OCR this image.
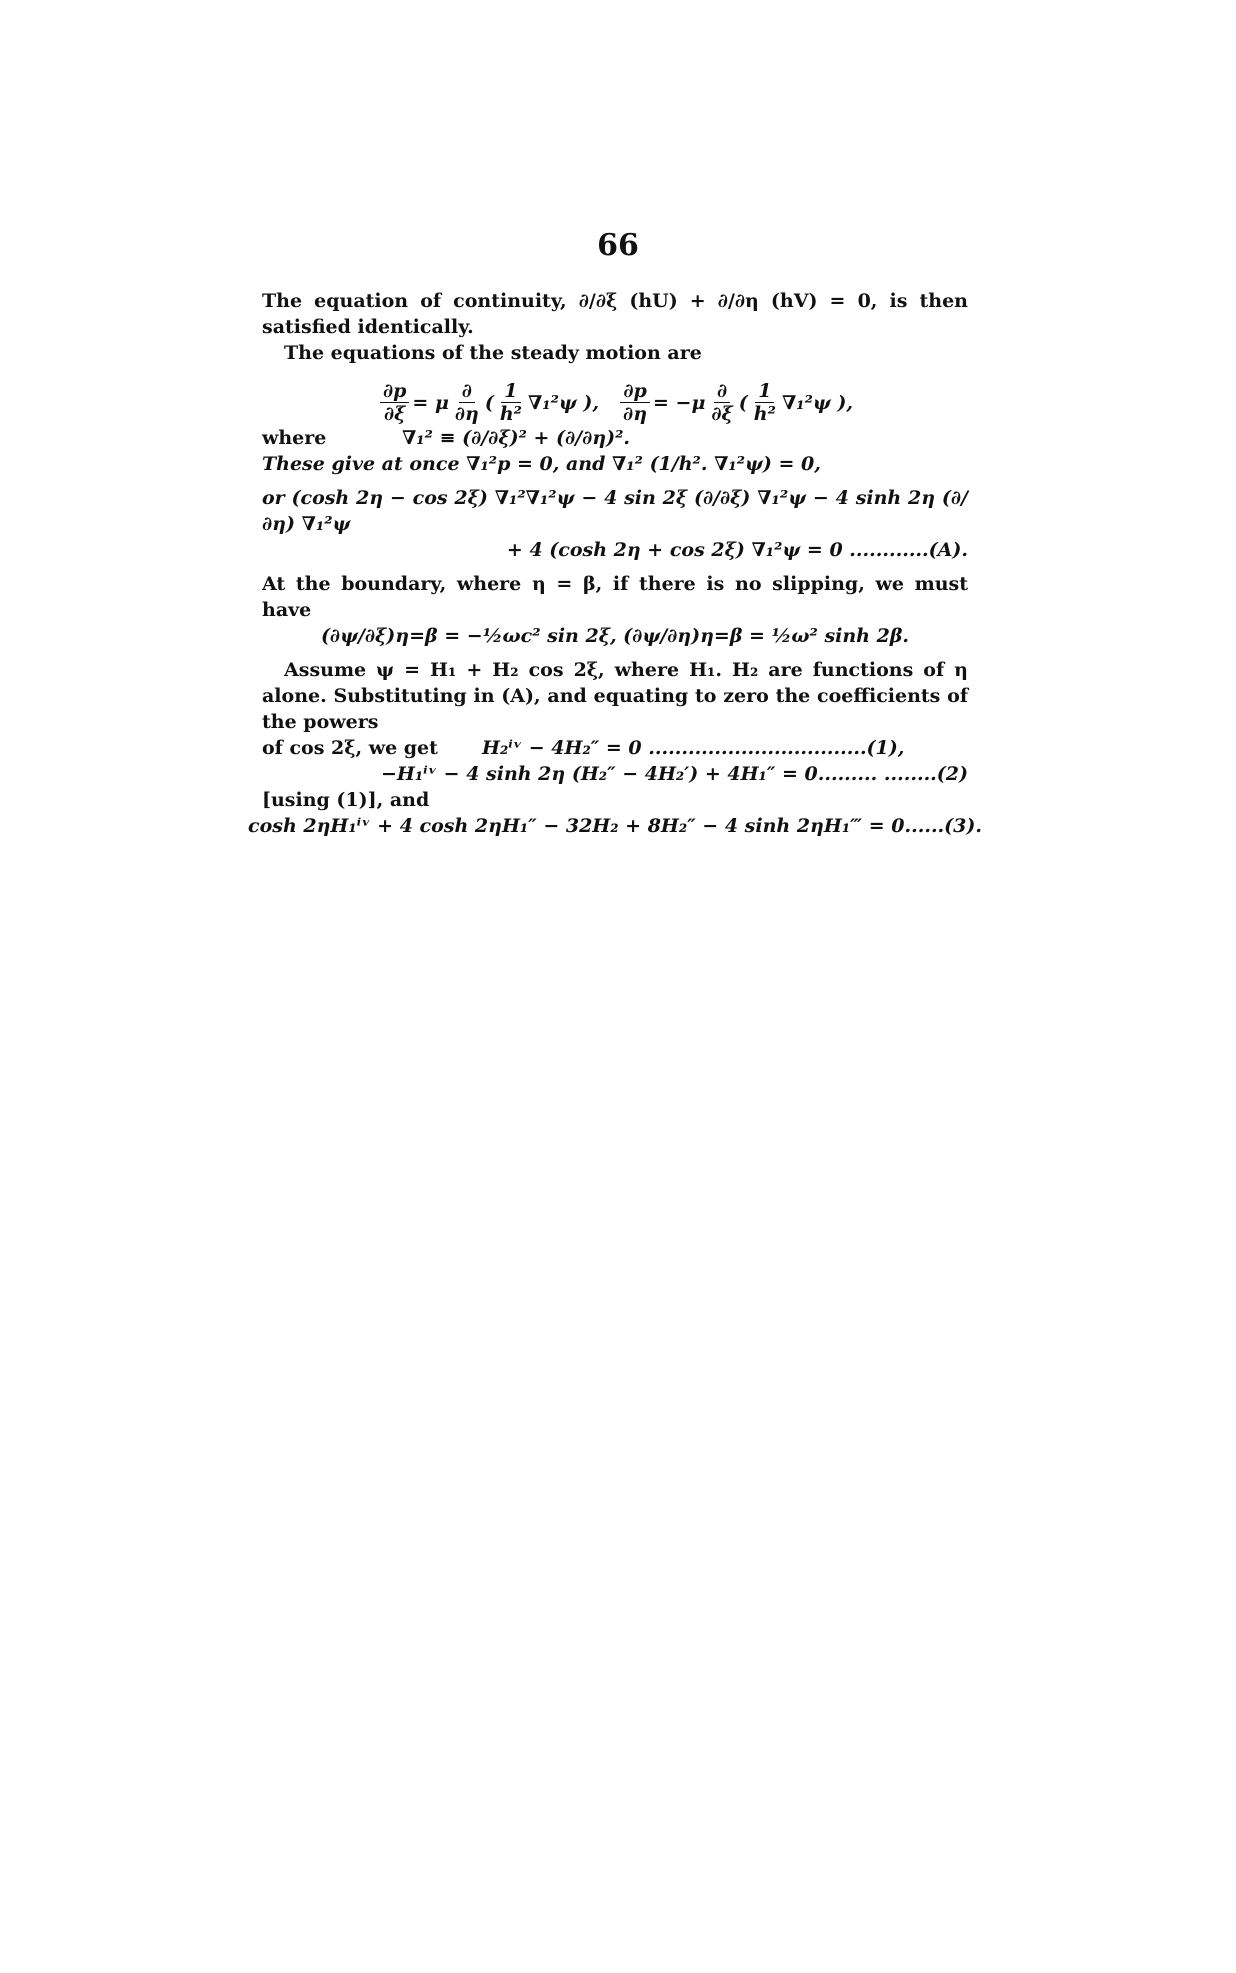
66

The equation of continuity, ∂/∂ξ (hU) + ∂/∂η (hV) = 0, is then satisfied identically.

The equations of the steady motion are

$\frac{\partial p}{\partial\xi} = \mu \frac{\partial}{\partial\eta}$ ( $\frac{1}{\text{h²}} \nabla_1^2\psi$ ), $\frac{\partial p}{\partial\eta} = -\mu \frac{\partial}{\partial\xi}$ ( $\frac{1}{\text{h²}} \nabla_1^2\psi$ ),
where	∇₁² ≡ (∂/∂ξ)² + (∂/∂η)².

These give at once ∇₁²p = 0, and ∇₁² (1/h². ∇₁²ψ) = 0,

or (cosh 2η − cos 2ξ) ∇₁²∇₁²ψ − 4 sin 2ξ (∂/∂ξ) ∇₁²ψ − 4 sinh 2η (∂/∂η) ∇₁²ψ

+ 4 (cosh 2η + cos 2ξ) ∇₁²ψ = 0 ............(A).

At the boundary, where η = β, if there is no slipping, we must have

(∂ψ/∂ξ)η=β = −½ωc² sin 2ξ, (∂ψ/∂η)η=β = ½ω² sinh 2β.

Assume ψ = H₁ + H₂ cos 2ξ, where H₁. H₂ are functions of η alone. Substituting in (A), and equating to zero the coefficients of the powers

of cos 2ξ, we get	H₂ⁱᵛ − 4H₂″ = 0 .................................(1),
−H₁ⁱᵛ − 4 sinh 2η (H₂″ − 4H₂′) + 4H₁″ = 0......... ........(2)

[using (1)], and

cosh 2ηH₁ⁱᵛ + 4 cosh 2ηH₁″ − 32H₂ + 8H₂″ − 4 sinh 2ηH₁‴ = 0......(3).
